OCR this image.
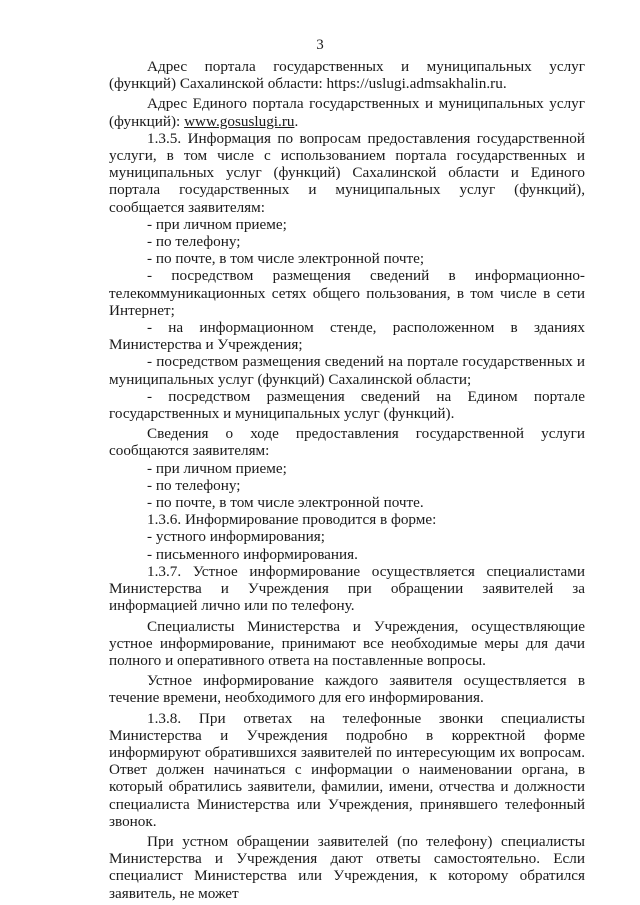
3

Адрес портала государственных и муниципальных услуг (функций) Сахалинской области: https://uslugi.admsakhalin.ru.

Адрес Единого портала государственных и муниципальных услуг (функций): www.gosuslugi.ru.

1.3.5. Информация по вопросам предоставления государственной услуги, в том числе с использованием портала государственных и муниципальных услуг (функций) Сахалинской области и Единого портала государственных и муниципальных услуг (функций), сообщается заявителям:

- при личном приеме;

- по телефону;

- по почте, в том числе электронной почте;

- посредством размещения сведений в информационно-телекоммуникационных сетях общего пользования, в том числе в сети Интернет;

- на информационном стенде, расположенном в зданиях Министерства и Учреждения;

- посредством размещения сведений на портале государственных и муниципальных услуг (функций) Сахалинской области;

- посредством размещения сведений на Едином портале государственных и муниципальных услуг (функций).

Сведения о ходе предоставления государственной услуги сообщаются заявителям:

- при личном приеме;

- по телефону;

- по почте, в том числе электронной почте.

1.3.6. Информирование проводится в форме:

- устного информирования;

- письменного информирования.

1.3.7. Устное информирование осуществляется специалистами Министерства и Учреждения при обращении заявителей за информацией лично или по телефону.

Специалисты Министерства и Учреждения, осуществляющие устное информирование, принимают все необходимые меры для дачи полного и оперативного ответа на поставленные вопросы.

Устное информирование каждого заявителя осуществляется в течение времени, необходимого для его информирования.

1.3.8. При ответах на телефонные звонки специалисты Министерства и Учреждения подробно в корректной форме информируют обратившихся заявителей по интересующим их вопросам. Ответ должен начинаться с информации о наименовании органа, в который обратились заявители, фамилии, имени, отчества и должности специалиста Министерства или Учреждения, принявшего телефонный звонок.

При устном обращении заявителей (по телефону) специалисты Министерства и Учреждения дают ответы самостоятельно. Если специалист Министерства или Учреждения, к которому обратился заявитель, не может
